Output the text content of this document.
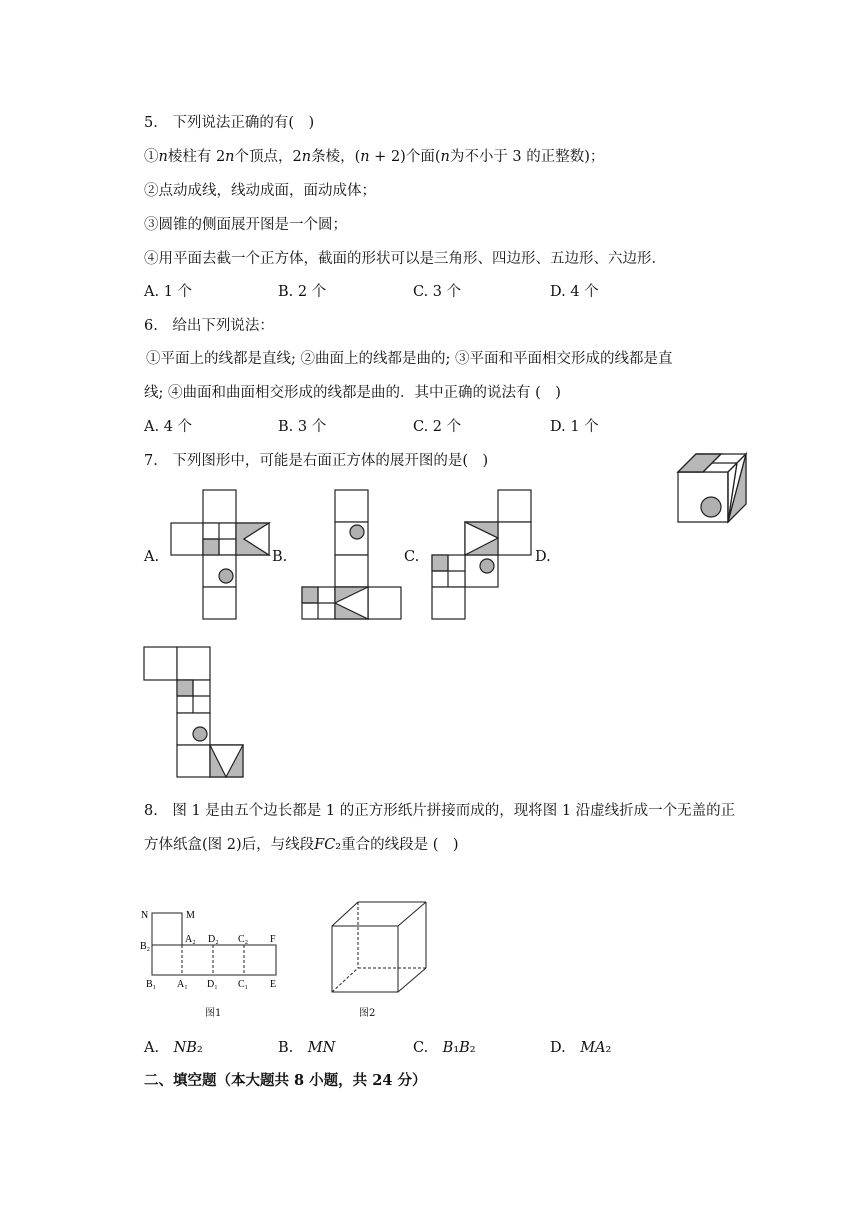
5. 下列说法正确的有( )
①𝑛棱柱有 2𝑛个顶点，2𝑛条棱，(𝑛 + 2)个面(𝑛为不小于 3 的正整数)；
②点动成线，线动成面，面动成体；
③圆锥的侧面展开图是一个圆；
④用平面去截一个正方体，截面的形状可以是三角形、四边形、五边形、六边形．
A. 1 个	B. 2 个	C. 3 个	D. 4 个
6. 给出下列说法：
①平面上的线都是直线; ②曲面上的线都是曲的; ③平面和平面相交形成的线都是直
线; ④曲面和曲面相交形成的线都是曲的．其中正确的说法有 ( )
A. 4 个	B. 3 个	C. 2 个	D. 1 个
7. 下列图形中，可能是右面正方体的展开图的是( )
A.	B.	C.	D.
8. 图 1 是由五个边长都是 1 的正方形纸片拼接而成的，现将图 1 沿虚线折成一个无盖的正
方体纸盒(图 2)后，与线段𝐹𝐶₂重合的线段是 ( )
N	M
B₂
A₂ D₂ C₂ F
B₁ A₁ D₁ C₁ E
图1	图2
A. 𝑁𝐵₂	B. 𝑀𝑁	C. 𝐵₁𝐵₂	D. 𝑀𝐴₂
二、填空题（本大题共 8 小题，共 24 分）
